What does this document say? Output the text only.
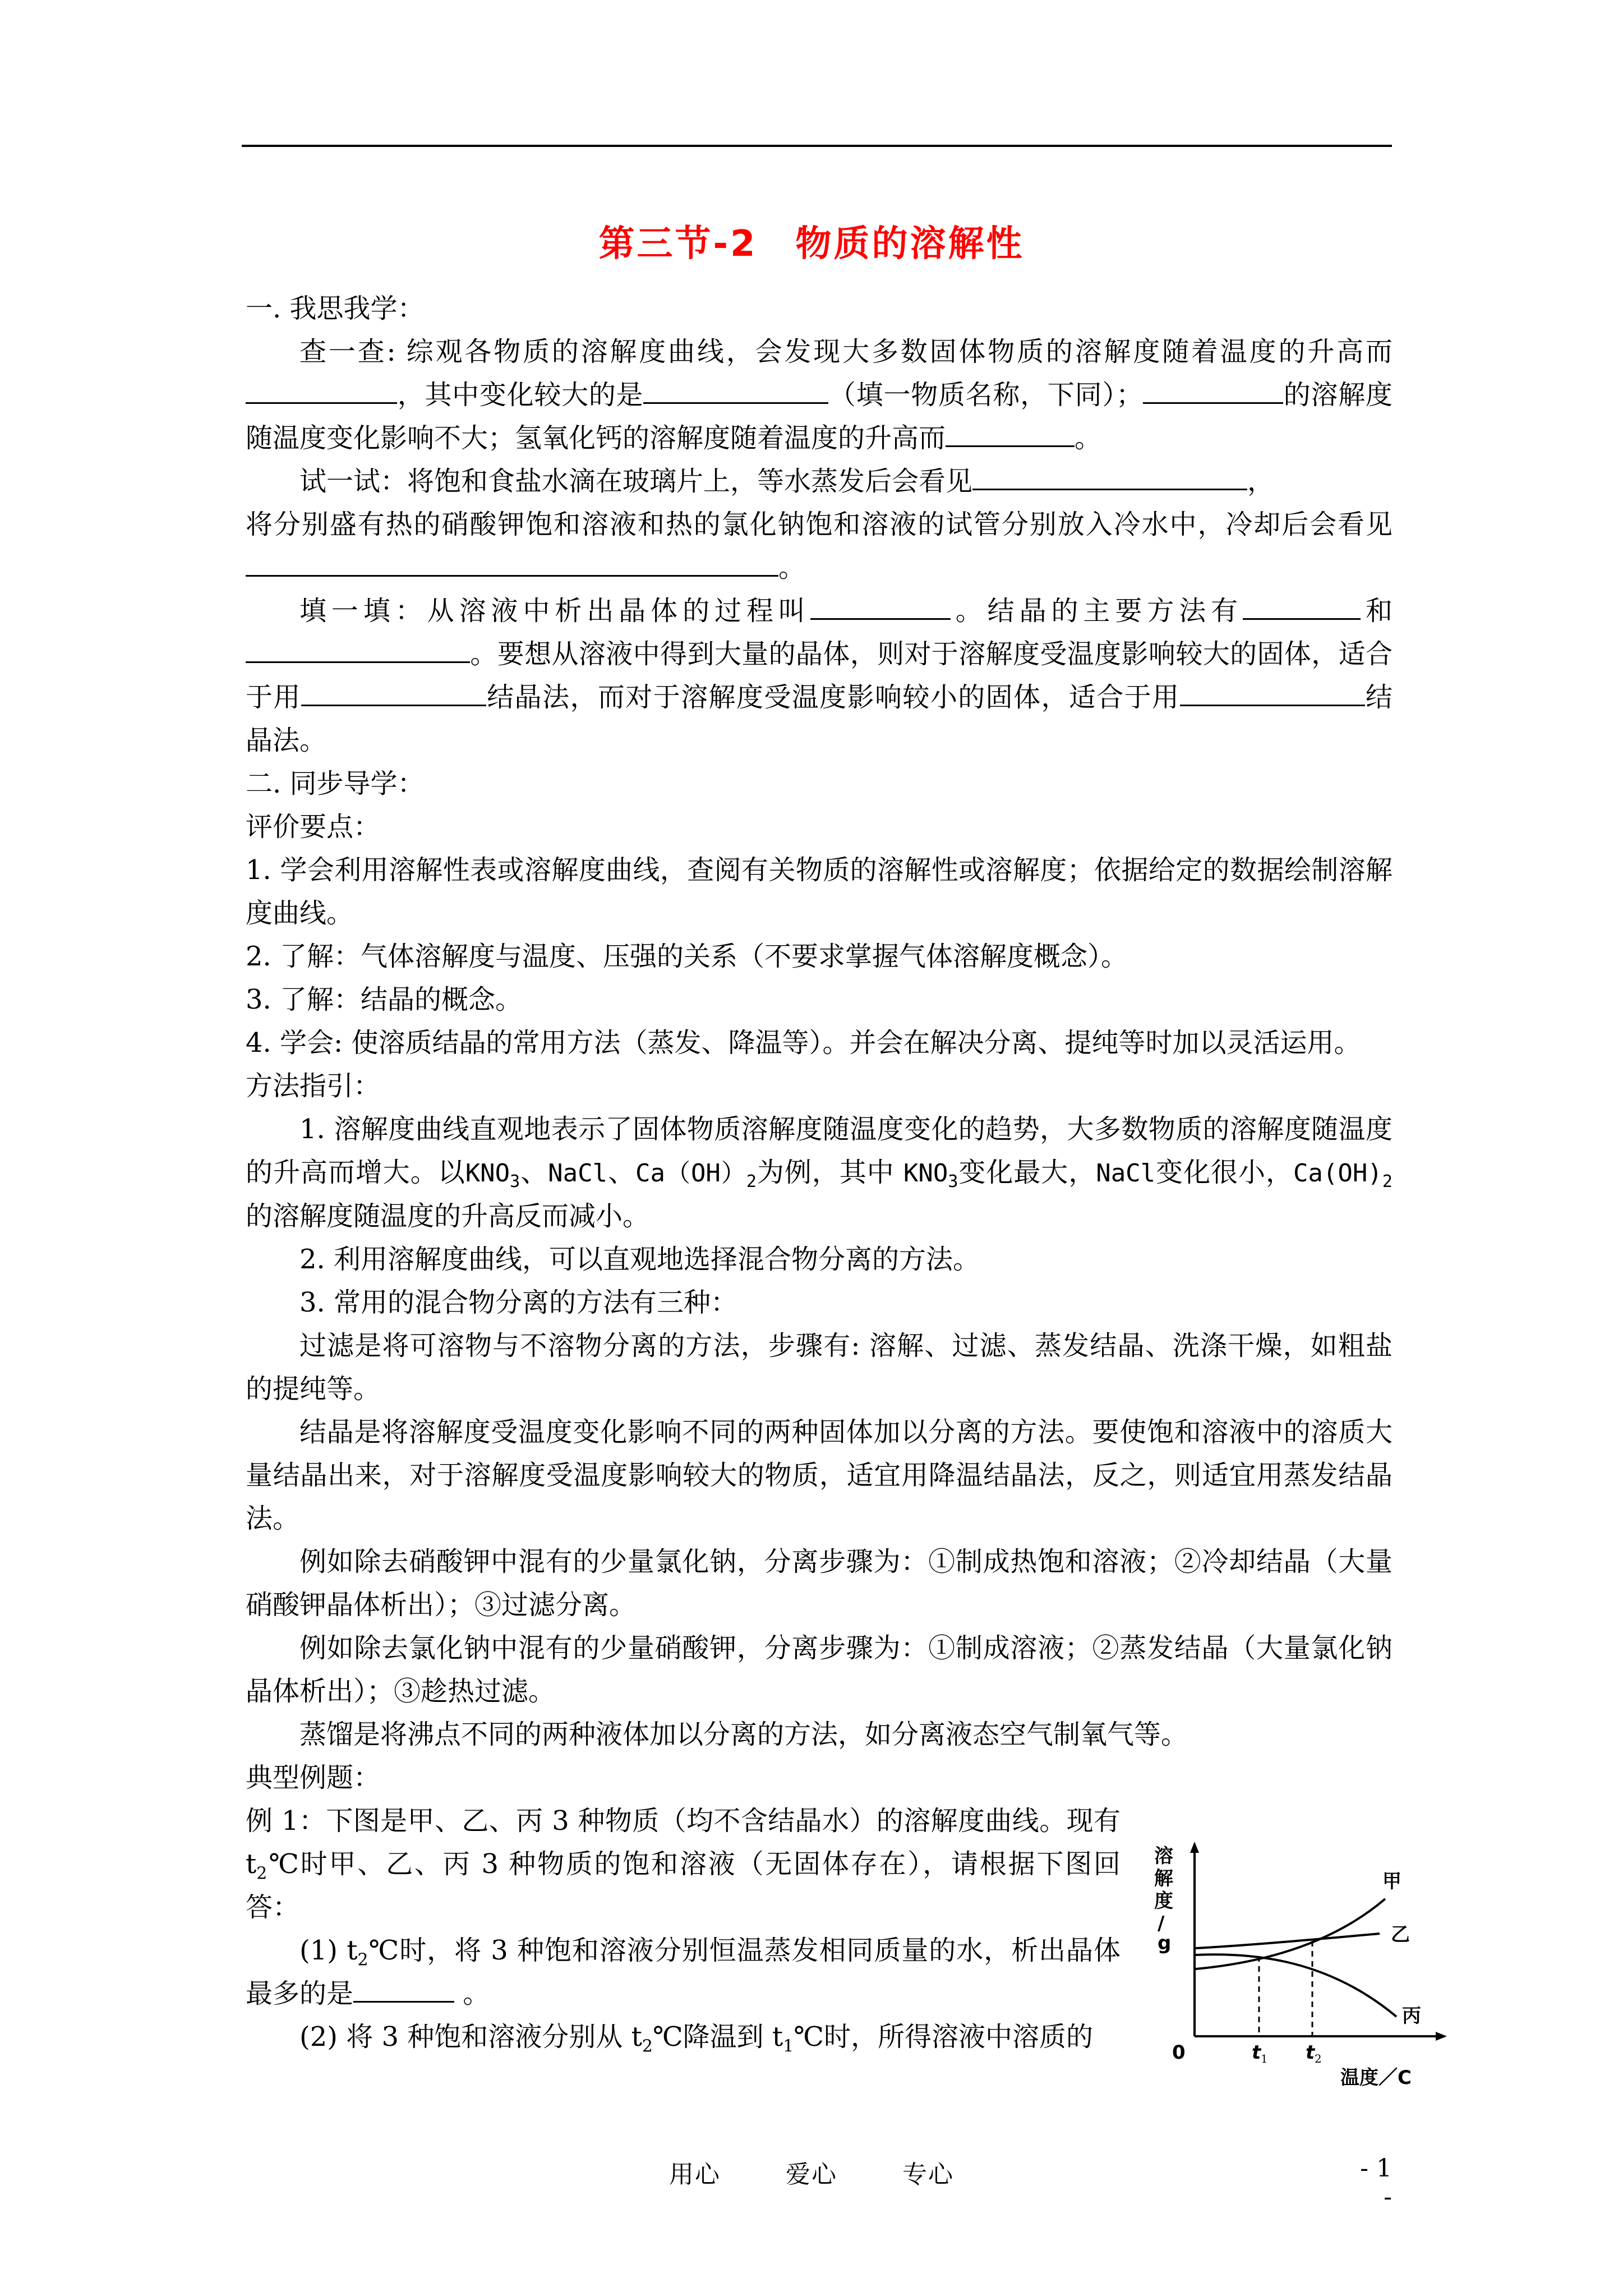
第三节-2　物质的溶解性

一. 我思我学：

查一查: 综观各物质的溶解度曲线，会发现大多数固体物质的溶解度随着温度的升高而，其中变化较大的是	（填一物质名称，下同）；	的溶解度随温度变化影响不大；氢氧化钙的溶解度随着温度的升高而	。

试一试：将饱和食盐水滴在玻璃片上，等水蒸发后会看见	，

将分别盛有热的硝酸钾饱和溶液和热的氯化钠饱和溶液的试管分别放入冷水中，冷却后会看见。

填一填：从溶液中析出晶体的过程叫	。结晶的主要方法有	和。要想从溶液中得到大量的晶体，则对于溶解度受温度影响较大的固体，适合于用	结晶法，而对于溶解度受温度影响较小的固体，适合于用	结晶法。

二. 同步导学：

评价要点：

1. 学会利用溶解性表或溶解度曲线，查阅有关物质的溶解性或溶解度；依据给定的数据绘制溶解度曲线。

2. 了解：气体溶解度与温度、压强的关系（不要求掌握气体溶解度概念）。

3. 了解：结晶的概念。

4. 学会: 使溶质结晶的常用方法（蒸发、降温等）。并会在解决分离、提纯等时加以灵活运用。

方法指引：

1. 溶解度曲线直观地表示了固体物质溶解度随温度变化的趋势，大多数物质的溶解度随温度的升高而增大。以$KNO_3$、NaCl、$Ca(OH)_2$为例，其中 $KNO_3$变化最大，NaCl变化很小，$Ca(OH)_2$的溶解度随温度的升高反而减小。

2. 利用溶解度曲线，可以直观地选择混合物分离的方法。

3. 常用的混合物分离的方法有三种：

过滤是将可溶物与不溶物分离的方法，步骤有: 溶解、过滤、蒸发结晶、洗涤干燥，如粗盐的提纯等。

结晶是将溶解度受温度变化影响不同的两种固体加以分离的方法。要使饱和溶液中的溶质大量结晶出来，对于溶解度受温度影响较大的物质，适宜用降温结晶法，反之，则适宜用蒸发结晶法。

例如除去硝酸钾中混有的少量氯化钠，分离步骤为：①制成热饱和溶液；②冷却结晶（大量硝酸钾晶体析出）；③过滤分离。

例如除去氯化钠中混有的少量硝酸钾，分离步骤为：①制成溶液；②蒸发结晶（大量氯化钠晶体析出）；③趁热过滤。

蒸馏是将沸点不同的两种液体加以分离的方法，如分离液态空气制氧气等。

典型例题：

例 1：下图是甲、乙、丙 3 种物质（均不含结晶水）的溶解度曲线。现有 $t_2℃$时甲、乙、丙 3 种物质的饱和溶液（无固体存在），请根据下图回答：

(1) $t_2℃$时，将 3 种饱和溶液分别恒温蒸发相同质量的水，析出晶体最多的是	。

(2) 将 3 种饱和溶液分别从 $t_2℃$降温到 $t_1℃$时，所得溶液中溶质的

溶
解
度
/
g
甲
乙
丙
0	t 1 t 2
温度／C
用心	爱心	专心	- 1 -
